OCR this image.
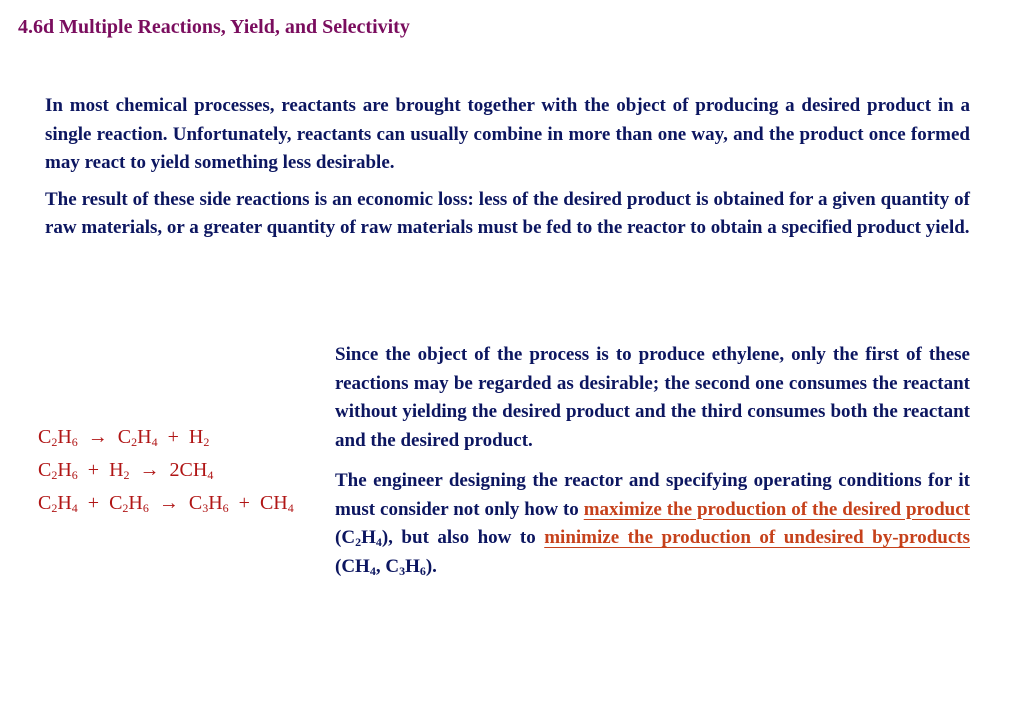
4.6d Multiple Reactions, Yield, and Selectivity

In most chemical processes, reactants are brought together with the object of producing a desired product in a single reaction. Unfortunately, reactants can usually combine in more than one way, and the product once formed may react to yield something less desirable.

The result of these side reactions is an economic loss: less of the desired product is obtained for a given quantity of raw materials, or a greater quantity of raw materials must be fed to the reactor to obtain a specified product yield.

$C_2H_6 \to C_2H_4 + H_2$
$C_2H_6 + H_2 \to 2CH_4$
$C_2H_4 + C_2H_6 \to C_3H_6 + CH_4$

Since the object of the process is to produce ethylene, only the first of these reactions may be regarded as desirable; the second one consumes the reactant without yielding the desired product and the third consumes both the reactant and the desired product.

The engineer designing the reactor and specifying operating conditions for it must consider not only how to maximize the production of the desired product $(C_2H_4)$, but also how to minimize the production of undesired by-products ($CH_4$, $C_3H_6$).
